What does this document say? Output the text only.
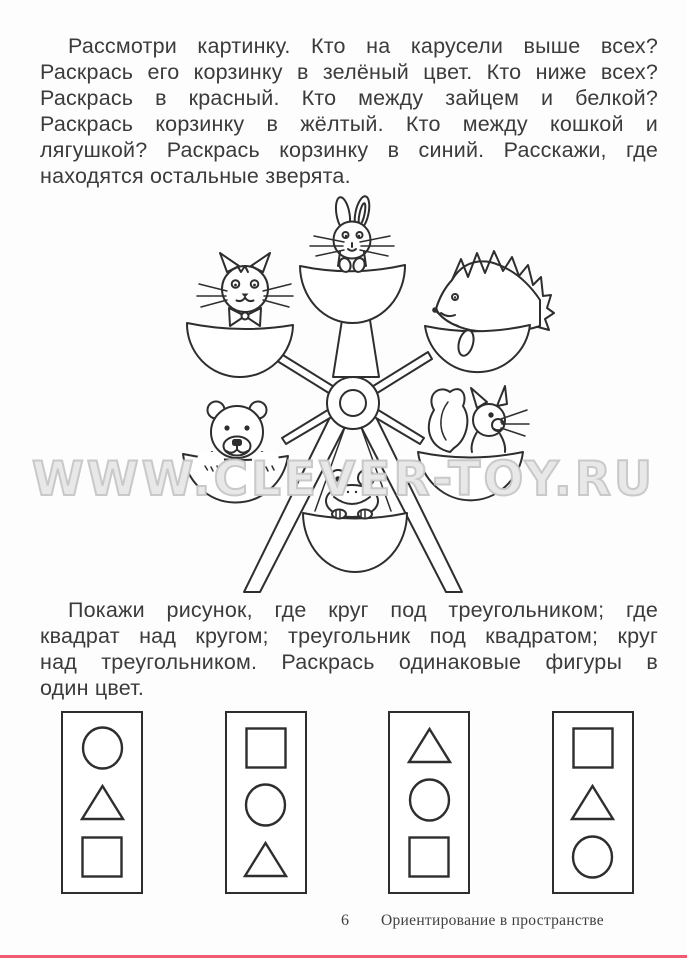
Рассмотри картинку. Кто на карусели выше всех?
Раскрась его корзинку в зелёный цвет. Кто ниже всех?
Раскрась в красный. Кто между зайцем и белкой?
Раскрась корзинку в жёлтый. Кто между кошкой и
лягушкой? Раскрась корзинку в синий. Расскажи, где
находятся остальные зверята.
WWW.CLEVER-TOY.RU
Покажи рисунок, где круг под треугольником; где
квадрат над кругом; треугольник под квадратом; круг
над треугольником. Раскрась одинаковые фигуры в
один цвет.
6 Ориентирование в пространстве
